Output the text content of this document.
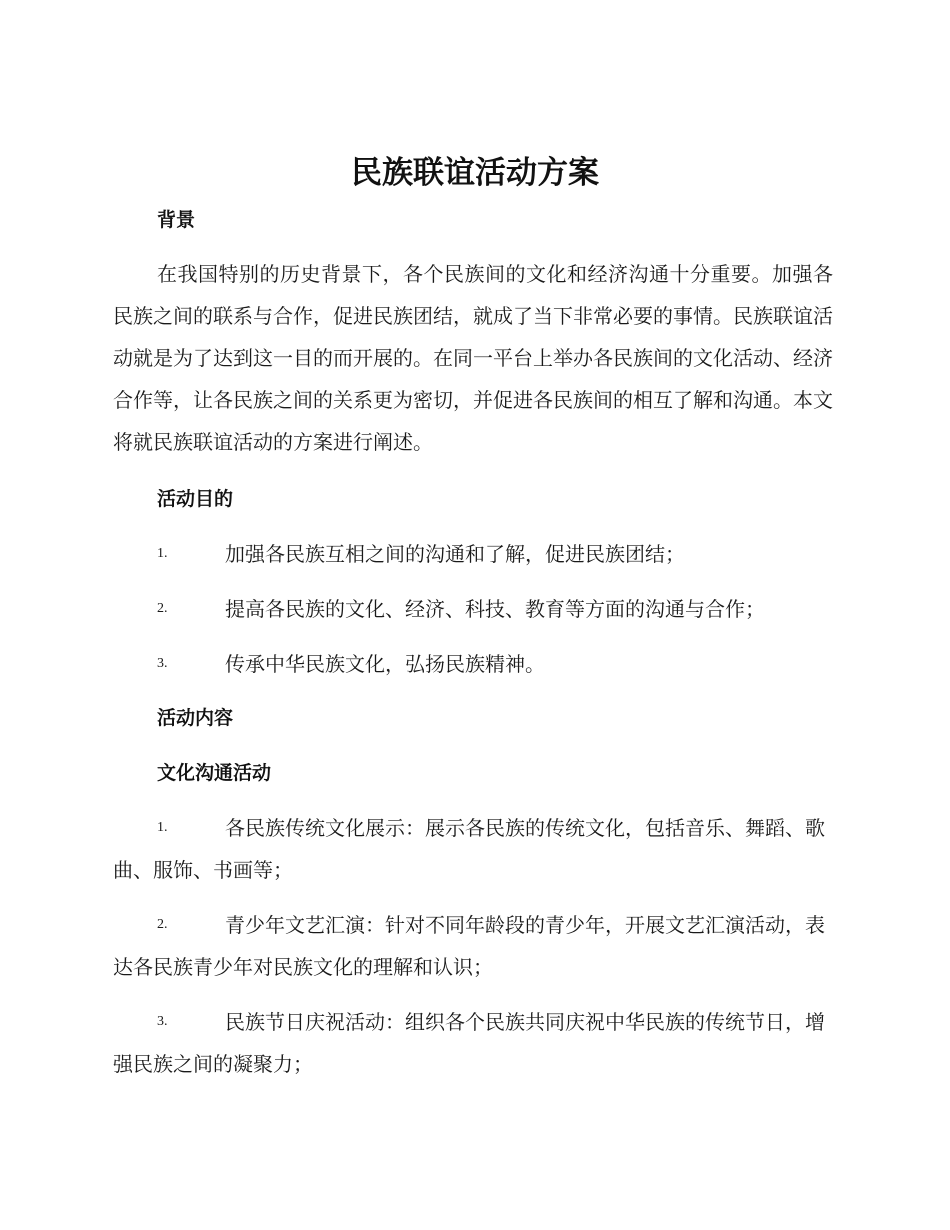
民族联谊活动方案
背景

在我国特别的历史背景下，各个民族间的文化和经济沟通十分重要。加强各民族之间的联系与合作，促进民族团结，就成了当下非常必要的事情。民族联谊活动就是为了达到这一目的而开展的。在同一平台上举办各民族间的文化活动、经济合作等，让各民族之间的关系更为密切，并促进各民族间的相互了解和沟通。本文将就民族联谊活动的方案进行阐述。

活动目的
1.	加强各民族互相之间的沟通和了解，促进民族团结；
2.	提高各民族的文化、经济、科技、教育等方面的沟通与合作；
3.	传承中华民族文化，弘扬民族精神。
活动内容
文化沟通活动
1.	各民族传统文化展示：展示各民族的传统文化，包括音乐、舞蹈、歌曲、服饰、书画等；
2.	青少年文艺汇演：针对不同年龄段的青少年，开展文艺汇演活动，表达各民族青少年对民族文化的理解和认识；
3.	民族节日庆祝活动：组织各个民族共同庆祝中华民族的传统节日，增强民族之间的凝聚力；
